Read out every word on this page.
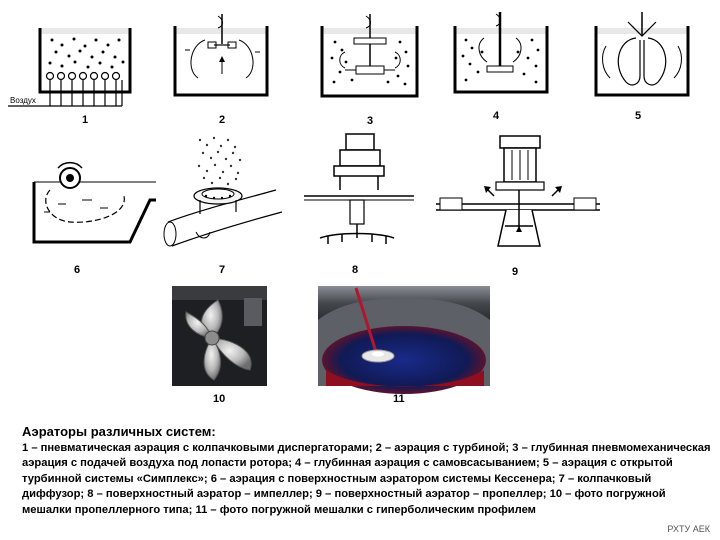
Воздух
1	2	3	4	5
6	7	8	9
10	11
Аэраторы различных систем:
1 – пневматическая аэрация с колпачковыми диспергаторами; 2 – аэрация с турбиной; 3 – глубинная пневмомеханическая аэрация с подачей воздуха под лопасти ротора; 4 – глубинная аэрация с самовсасыванием; 5 – аэрация с открытой турбинной системы «Симплекс»; 6 – аэрация с поверхностным аэратором системы Кессенера; 7 – колпачковый диффузор; 8 – поверхностный аэратор – импеллер; 9 – поверхностный аэратор – пропеллер; 10 – фото погружной мешалки пропеллерного типа; 11 – фото погружной мешалки с гиперболическим профилем
РХТУ АЕК
